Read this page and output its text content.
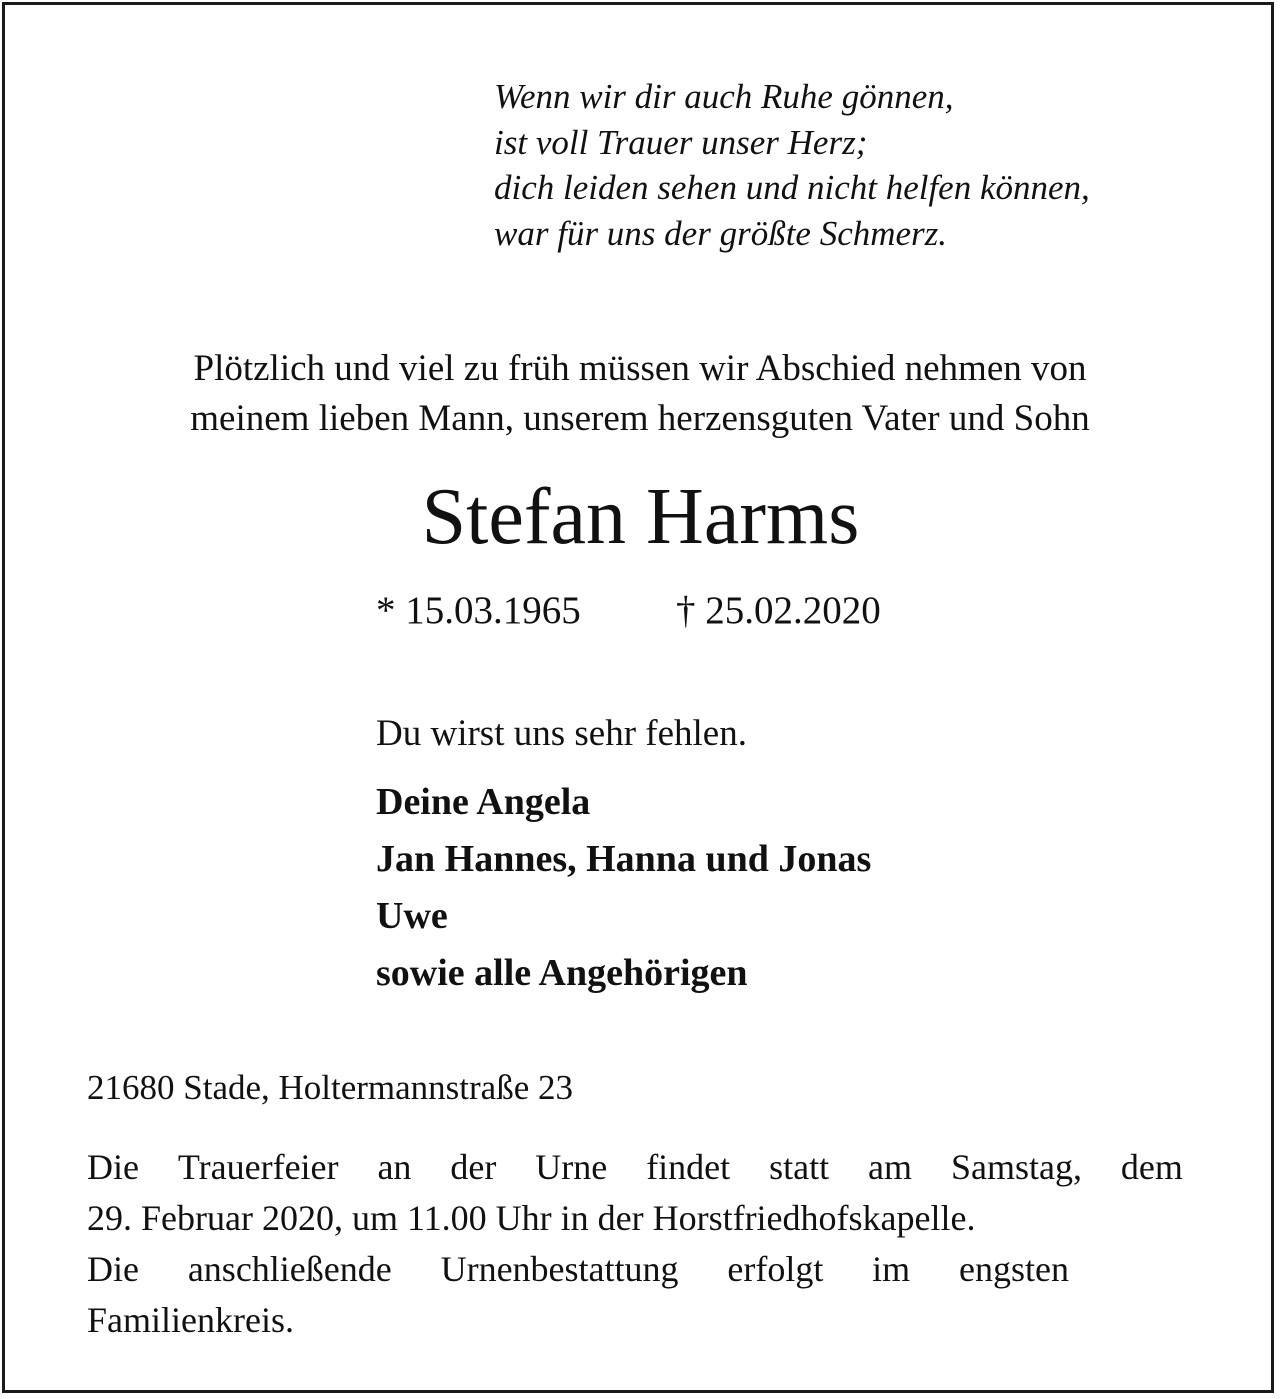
Wenn wir dir auch Ruhe gönnen,
ist voll Trauer unser Herz;
dich leiden sehen und nicht helfen können,
war für uns der größte Schmerz.
Plötzlich und viel zu früh müssen wir Abschied nehmen von
meinem lieben Mann, unserem herzensguten Vater und Sohn
Stefan Harms
* 15.03.1965 † 25.02.2020
Du wirst uns sehr fehlen.
Deine Angela
Jan Hannes, Hanna und Jonas
Uwe
sowie alle Angehörigen
21680 Stade, Holtermannstraße 23
Die Trauerfeier an der Urne findet statt am Samstag, dem
29. Februar 2020, um 11.00 Uhr in der Horstfriedhofskapelle.
Die anschließende Urnenbestattung erfolgt im engsten
Familienkreis.
